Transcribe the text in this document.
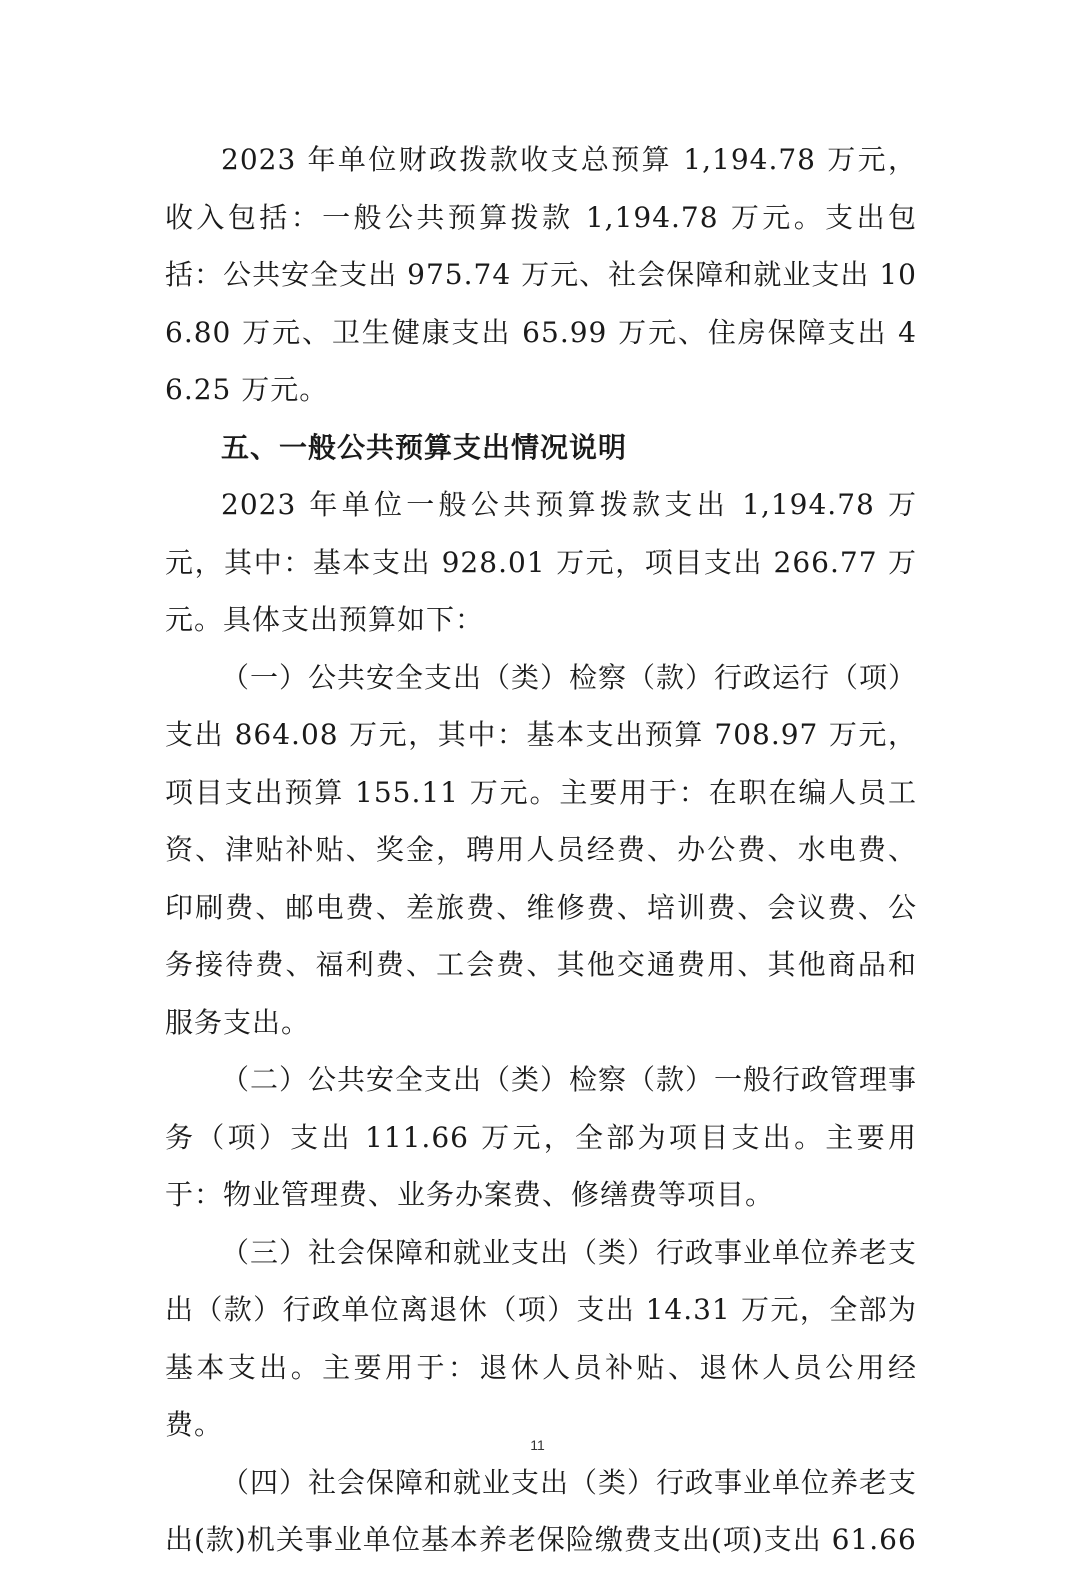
2023 年单位财政拨款收支总预算 1,194.78 万元，收入包括：一般公共预算拨款 1,194.78 万元。支出包括：公共安全支出 975.74 万元、社会保障和就业支出 106.80 万元、卫生健康支出 65.99 万元、住房保障支出 46.25 万元。

五、一般公共预算支出情况说明

2023 年单位一般公共预算拨款支出 1,194.78 万元，其中：基本支出 928.01 万元，项目支出 266.77 万元。具体支出预算如下：

（一）公共安全支出（类）检察（款）行政运行（项）支出 864.08 万元，其中：基本支出预算 708.97 万元，项目支出预算 155.11 万元。主要用于：在职在编人员工资、津贴补贴、奖金，聘用人员经费、办公费、水电费、印刷费、邮电费、差旅费、维修费、培训费、会议费、公务接待费、福利费、工会费、其他交通费用、其他商品和服务支出。

（二）公共安全支出（类）检察（款）一般行政管理事务（项）支出 111.66 万元，全部为项目支出。主要用于：物业管理费、业务办案费、修缮费等项目。

（三）社会保障和就业支出（类）行政事业单位养老支出（款）行政单位离退休（项）支出 14.31 万元，全部为基本支出。主要用于：退休人员补贴、退休人员公用经费。

（四）社会保障和就业支出（类）行政事业单位养老支出(款)机关事业单位基本养老保险缴费支出(项)支出 61.66

11
